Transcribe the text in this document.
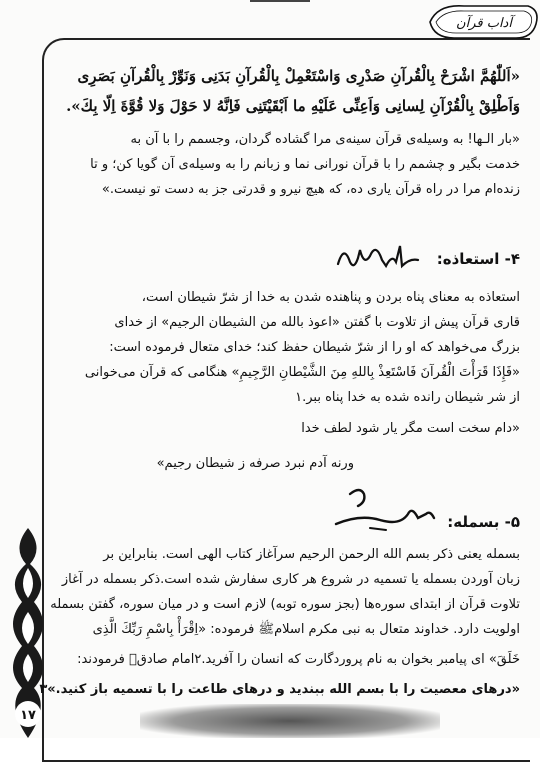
آداب قرآن
«اَللّٰهُمَّ اشْرَحْ بِالْقُرآنِ صَدْرِی وَاسْتَعْمِلْ بِالْقُرآنِ بَدَنِی وَنَوِّرْ بِالْقُرآنِ بَصَرِی
وَاَطْلِقْ بِالْقُرْآنِ لِسانِی وَاَعِنِّی عَلَیْهِ ما اَبْقَیْتَنِی فَاِنَّهُ لا حَوْلَ وَلا قُوَّةَ اِلّا بِكَ».
«بار الـها! به وسیله‌ی قرآن سینه‌ی مرا گشاده گردان، وجسمم را با آن به
خدمت بگیر و چشمم را با قرآن نورانی نما و زبانم را به وسیله‌ی آن گویا کن؛ و تا
زنده‌ام مرا در راه قرآن یاری ده، که هیچ نیرو و قدرتی جز به دست تو نیست.»
۴- استعاذه:
استعاذه به معنای پناه بردن و پناهنده شدن به خدا از شرّ شیطان است،
قاری قرآن پیش از تلاوت با گفتن «اعوذ بالله من الشیطان الرجیم» از خدای
بزرگ می‌خواهد که او را از شرّ شیطان حفظ کند؛ خدای متعال فرموده است:
«فَإِذَا قَرَأْتَ الْقُرآنَ فَاسْتَعِذْ بِاللهِ مِنَ الشَّیْطانِ الرَّجِیمِ» هنگامی که قرآن می‌خوانی
از شر شیطان رانده شده به خدا پناه ببر.۱
«دام سخت است مگر یار شود لطف خدا
ورنه آدم نبرد صرفه ز شیطان رجیم»
۵- بسمله:
بسمله یعنی ذکر بسم الله الرحمن الرحیم سرآغاز کتاب الهی است. بنابراین بر
زبان آوردن بسمله یا تسمیه در شروع هر کاری سفارش شده است.ذکر بسمله در آغاز
تلاوت قرآن از ابتدای سوره‌ها (بجز سوره توبه) لازم است و در میان سوره، گفتن بسمله
اولویت دارد. خداوند متعال به نبی مکرم اسلامﷺ فرموده: «اِقْرَأْ بِاسْمِ رَبِّكَ الَّذِی
خَلَقَ» ای پیامبر بخوان به نام پروردگارت که انسان را آفرید.۲امام صادقؑ فرمودند:
«درهای معصیت را با بسم الله ببندید و درهای طاعت را با تسمیه باز کنید.»۳
۱۷
